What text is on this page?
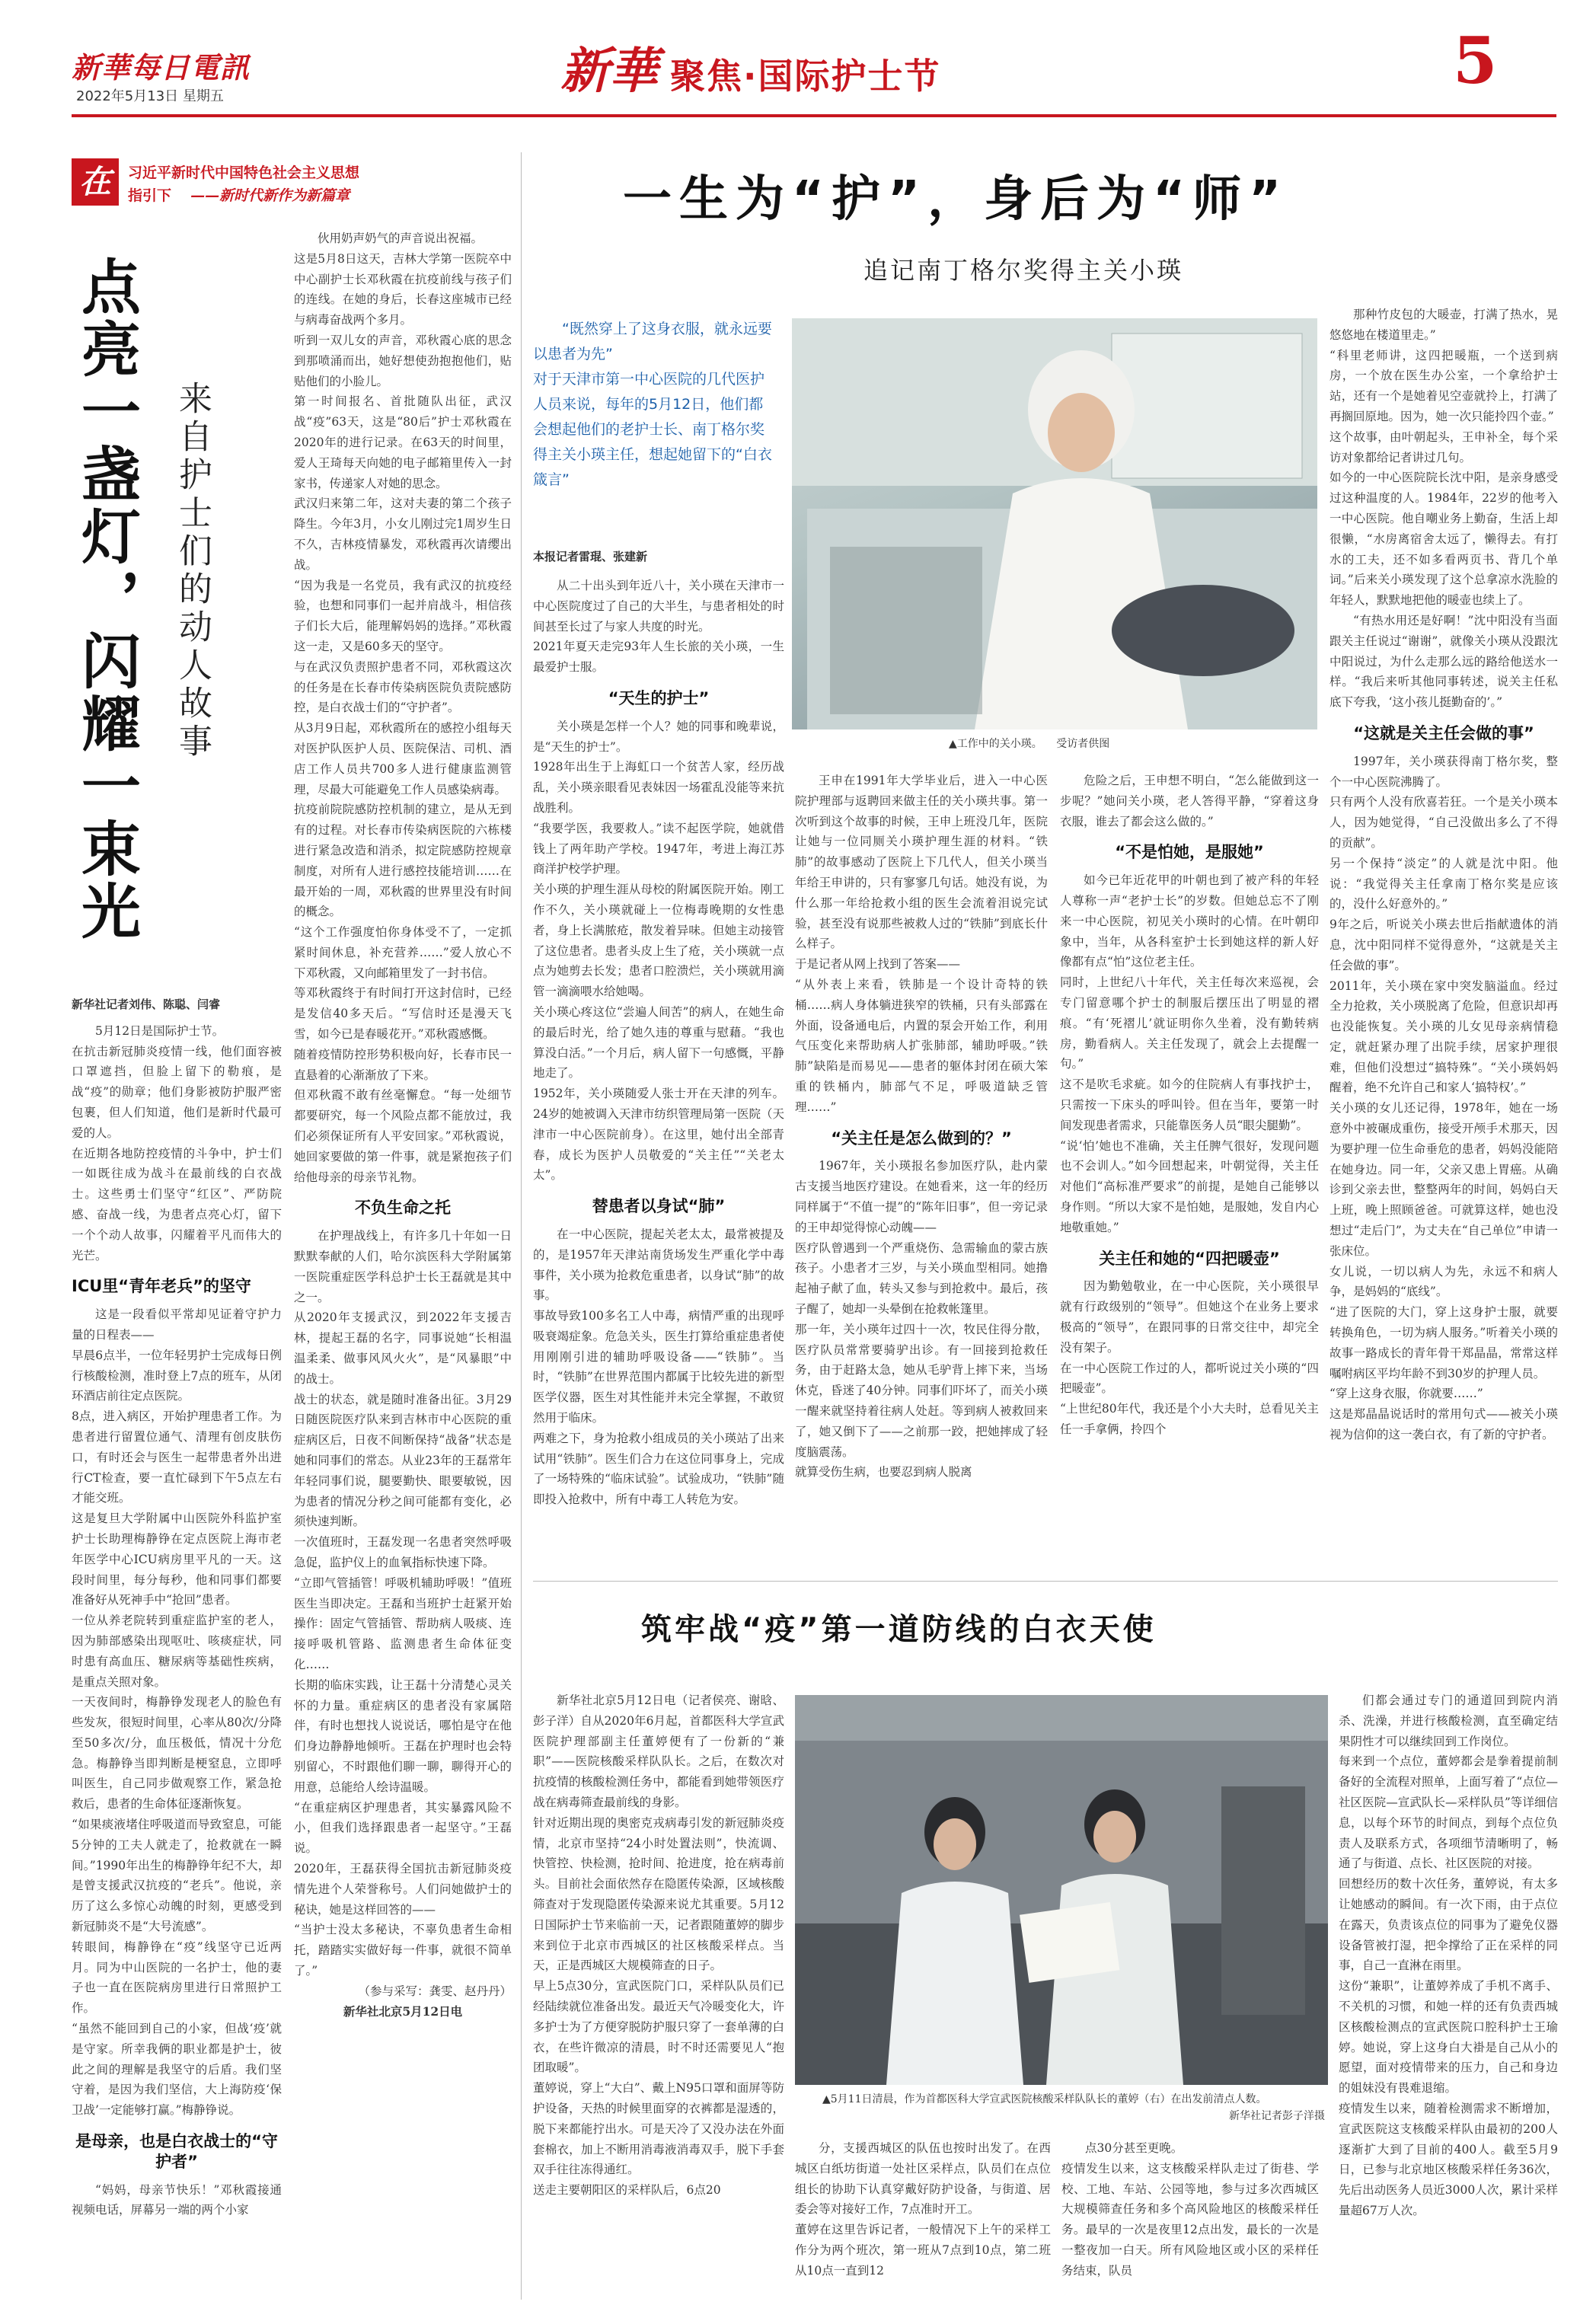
新華每日電訊
2022年5月13日 星期五	新華 聚焦·国际护士节	5
在	习近平新时代中国特色社会主义思想
指引下 ——新时代新作为新篇章
点亮一盏灯，闪耀一束光 来自护士们的动人故事
新华社记者刘伟、陈聪、闫睿
5月12日是国际护士节。
在抗击新冠肺炎疫情一线，他们面容被口罩遮挡，但脸上留下的勒痕，是战“疫”的勋章；他们身影被防护服严密包裹，但人们知道，他们是新时代最可爱的人。
在近期各地防控疫情的斗争中，护士们一如既往成为战斗在最前线的白衣战士。这些勇士们坚守“红区”、严防院感、奋战一线，为患者点亮心灯，留下一个个动人故事，闪耀着平凡而伟大的光芒。
ICU里“青年老兵”的坚守
这是一段看似平常却见证着守护力量的日程表——
早晨6点半，一位年轻男护士完成每日例行核酸检测，准时登上7点的班车，从闭环酒店前往定点医院。
8点，进入病区，开始护理患者工作。为患者进行留置位通气、清理有创皮肤伤口，有时还会与医生一起带患者外出进行CT检查，要一直忙碌到下午5点左右才能交班。
这是复旦大学附属中山医院外科监护室护士长助理梅静铮在定点医院上海市老年医学中心ICU病房里平凡的一天。这段时间里，每分每秒，他和同事们都要准备好从死神手中“抢回”患者。
一位从养老院转到重症监护室的老人，因为肺部感染出现呕吐、咳痰症状，同时患有高血压、糖尿病等基础性疾病，是重点关照对象。
一天夜间时，梅静铮发现老人的脸色有些发灰，很短时间里，心率从80次/分降至50多次/分，血压极低，情况十分危急。梅静铮当即判断是梗窒息，立即呼叫医生，自己同步做观察工作，紧急抢救后，患者的生命体征逐渐恢复。
“如果痰液堵住呼吸道而导致窒息，可能5分钟的工夫人就走了，抢救就在一瞬间。”1990年出生的梅静铮年纪不大，却是曾支援武汉抗疫的“老兵”。他说，亲历了这么多惊心动魄的时刻，更感受到新冠肺炎不是“大号流感”。
转眼间，梅静铮在“疫”线坚守已近两月。同为中山医院的一名护士，他的妻子也一直在医院病房里进行日常照护工作。
“虽然不能回到自己的小家，但战‘疫’就是守家。所幸我俩的职业都是护士，彼此之间的理解是我坚守的后盾。我们坚守着，是因为我们坚信，大上海防疫‘保卫战’一定能够打赢。”梅静铮说。
是母亲，也是白衣战士的“守护者”
“妈妈，母亲节快乐！”邓秋霞接通视频电话，屏幕另一端的两个小家
伙用奶声奶气的声音说出祝福。
这是5月8日这天，吉林大学第一医院卒中中心副护士长邓秋霞在抗疫前线与孩子们的连线。在她的身后，长春这座城市已经与病毒奋战两个多月。
听到一双儿女的声音，邓秋霞心底的思念到那喷涌而出，她好想使劲抱抱他们，贴贴他们的小脸儿。
第一时间报名、首批随队出征，武汉战“疫”63天，这是“80后”护士邓秋霞在2020年的进行记录。在63天的时间里，爱人王琦每天向她的电子邮箱里传入一封家书，传递家人对她的思念。
武汉归来第二年，这对夫妻的第二个孩子降生。今年3月，小女儿刚过完1周岁生日不久，吉林疫情暴发，邓秋霞再次请缨出战。
“因为我是一名党员，我有武汉的抗疫经验，也想和同事们一起并肩战斗，相信孩子们长大后，能理解妈妈的选择。”邓秋霞这一走，又是60多天的坚守。
与在武汉负责照护患者不同，邓秋霞这次的任务是在长春市传染病医院负责院感防控，是白衣战士们的“守护者”。
从3月9日起，邓秋霞所在的感控小组每天对医护队医护人员、医院保洁、司机、酒店工作人员共700多人进行健康监测管理，尽最大可能避免工作人员感染病毒。
抗疫前院院感防控机制的建立，是从无到有的过程。对长春市传染病医院的六栋楼进行紧急改造和消杀，拟定院感防控规章制度，对所有人进行感控技能培训……在最开始的一周，邓秋霞的世界里没有时间的概念。
“这个工作强度怕你身体受不了，一定抓紧时间休息，补充营养……”爱人放心不下邓秋霞，又向邮箱里发了一封书信。
等邓秋霞终于有时间打开这封信时，已经是发信40多天后。“写信时还是漫天飞雪，如今已是春暖花开。”邓秋霞感慨。
随着疫情防控形势积极向好，长春市民一直悬着的心渐渐放了下来。
但邓秋霞不敢有丝毫懈怠。“每一处细节都要研究，每一个风险点都不能放过，我们必须保证所有人平安回家。”邓秋霞说，她回家要做的第一件事，就是紧抱孩子们给他母亲的母亲节礼物。
不负生命之托
在护理战线上，有许多几十年如一日默默奉献的人们，哈尔滨医科大学附属第一医院重症医学科总护士长王磊就是其中之一。
从2020年支援武汉，到2022年支援吉林，提起王磊的名字，同事说她“长相温温柔柔、做事风风火火”，是“风暴眼”中的战士。
战士的状态，就是随时准备出征。3月29日随医院医疗队来到吉林市中心医院的重症病区后，日夜不间断保持“战备”状态是她和同事们的常态。从业23年的王磊常年年轻同事们说，腿要勤快、眼要敏锐，因为患者的情况分秒之间可能都有变化，必须快速判断。
一次值班时，王磊发现一名患者突然呼吸急促，监护仪上的血氧指标快速下降。
“立即气管插管！呼吸机辅助呼吸！”值班医生当即决定。王磊和当班护士赶紧开始操作：固定气管插管、帮助病人吸痰、连接呼吸机管路、监测患者生命体征变化……
长期的临床实践，让王磊十分清楚心灵关怀的力量。重症病区的患者没有家属陪伴，有时也想找人说说话，哪怕是守在他们身边静静地倾听。王磊在护理时也会特别留心，不时跟他们聊一聊，聊得开心的用意，总能给人绘诗温暖。
“在重症病区护理患者，其实暴露风险不小，但我们选择跟患者一起坚守。”王磊说。
2020年，王磊获得全国抗击新冠肺炎疫情先进个人荣誉称号。人们问她做护士的秘诀，她是这样回答的——
“当护士没太多秘诀，不辜负患者生命相托，踏踏实实做好每一件事，就很不简单了。”
（参与采写：龚雯、赵丹丹）
新华社北京5月12日电
一生为“护”，身后为“师”
追记南丁格尔奖得主关小瑛
“既然穿上了这身衣服，就永远要以患者为先”
对于天津市第一中心医院的几代医护人员来说，每年的5月12日，他们都会想起他们的老护士长、南丁格尔奖得主关小瑛主任，想起她留下的“白衣箴言”
本报记者雷琨、张建新
▲工作中的关小瑛。 受访者供图
从二十出头到年近八十，关小瑛在天津市一中心医院度过了自己的大半生，与患者相处的时间甚至长过了与家人共度的时光。
2021年夏天走完93年人生长旅的关小瑛，一生最爱护士服。
“天生的护士”
关小瑛是怎样一个人？她的同事和晚辈说，是“天生的护士”。
1928年出生于上海虹口一个贫苦人家，经历战乱，关小瑛亲眼看见表妹因一场霍乱没能等来抗战胜利。
“我要学医，我要救人。”读不起医学院，她就借钱上了两年助产学校。1947年，考进上海江苏商洋护校学护理。
关小瑛的护理生涯从母校的附属医院开始。刚工作不久，关小瑛就碰上一位梅毒晚期的女性患者，身上长满脓疮，散发着异味。但她主动接管了这位患者。患者头皮上生了疮，关小瑛就一点点为她剪去长发；患者口腔溃烂，关小瑛就用滴管一滴滴喂水给她喝。
关小瑛心疼这位“尝遍人间苦”的病人，在她生命的最后时光，给了她久违的尊重与慰藉。“我也算没白活。”一个月后，病人留下一句感慨，平静地走了。
1952年，关小瑛随爱人张士开在天津的列车。24岁的她被调入天津市纺织管理局第一医院（天津市一中心医院前身）。在这里，她付出全部青春，成长为医护人员敬爱的“关主任”“关老太太”。
替患者以身试“肺”
在一中心医院，提起关老太太，最常被提及的，是1957年天津站南货场发生严重化学中毒事件，关小瑛为抢救危重患者，以身试“肺”的故事。
事故导致100多名工人中毒，病情严重的出现呼吸衰竭症象。危急关头，医生打算给重症患者使用刚刚引进的辅助呼吸设备——“铁肺”。当时，“铁肺”在世界范围内都属于比较先进的新型医学仪器，医生对其性能并未完全掌握，不敢贸然用于临床。
两难之下，身为抢救小组成员的关小瑛站了出来试用“铁肺”。医生们合力在这位同事身上，完成了一场特殊的“临床试验”。试验成功，“铁肺”随即投入抢救中，所有中毒工人转危为安。
王申在1991年大学毕业后，进入一中心医院护理部与返聘回来做主任的关小瑛共事。第一次听到这个故事的时候，王申上班没几年，医院让她与一位同厕关小瑛护理生涯的材料。“铁肺”的故事感动了医院上下几代人，但关小瑛当年给王申讲的，只有寥寥几句话。她没有说，为什么那一年给抢救小组的医生会流着泪说完试验，甚至没有说那些被救人过的“铁肺”到底长什么样子。
于是记者从网上找到了答案——
“从外表上来看，铁肺是一个设计奇特的铁桶……病人身体躺进狭窄的铁桶，只有头部露在外面，设备通电后，内置的泵会开始工作，利用气压变化来帮助病人扩张肺部，辅助呼吸。”铁肺”缺陷是而易见——患者的躯体封闭在硕大笨重的铁桶内，肺部气不足，呼吸道缺乏管理……”
“关主任是怎么做到的？”
1967年，关小瑛报名参加医疗队，赴内蒙古支援当地医疗建设。在她看来，这一年的经历同样属于“不值一提”的“陈年旧事”，但一旁记录的王申却觉得惊心动魄——
医疗队曾遇到一个严重烧伤、急需输血的蒙古族孩子。小患者才三岁，与关小瑛血型相同。她撸起袖子献了血，转头又参与到抢救中。最后，孩子醒了，她却一头晕倒在抢救帐篷里。
那一年，关小瑛年过四十一次，牧民住得分散，医疗队员常常要骑驴出诊。有一回接到抢救任务，由于赶路太急，她从毛驴背上摔下来，当场休克，昏迷了40分钟。同事们吓坏了，而关小瑛一醒来就坚持着往病人处赶。等到病人被救回来了，她又倒下了——之前那一跤，把她摔成了轻度脑震荡。
就算受伤生病，也要忍到病人脱离
危险之后，王申想不明白，“怎么能做到这一步呢？”她问关小瑛，老人答得平静，“穿着这身衣服，谁去了都会这么做的。”
“不是怕她，是服她”
如今已年近花甲的叶朝也到了被产科的年轻人尊称一声“老护士长”的岁数。但她总忘不了刚来一中心医院，初见关小瑛时的心情。在叶朝印象中，当年，从各科室护士长到她这样的新人好像都有点“怕”这位老主任。
同时，上世纪八十年代，关主任每次来巡视，会专门留意哪个护士的制服后摆压出了明显的褶痕。“有‘死褶儿’就证明你久坐着，没有勤转病房，勤看病人。关主任发现了，就会上去提醒一句。”
这不是吹毛求疵。如今的住院病人有事找护士，只需按一下床头的呼叫铃。但在当年，要第一时间发现患者需求，只能靠医务人员“眼尖腿勤”。
“说‘怕’她也不准确，关主任脾气很好，发现问题也不会训人。”如今回想起来，叶朝觉得，关主任对他们“高标准严要求”的前提，是她自己能够以身作则。“所以大家不是怕她，是服她，发自内心地敬重她。”
关主任和她的“四把暖壶”
因为勤勉敬业，在一中心医院，关小瑛很早就有行政级别的“领导”。但她这个在业务上要求极高的“领导”，在跟同事的日常交往中，却完全没有架子。
在一中心医院工作过的人，都听说过关小瑛的“四把暖壶”。
“上世纪80年代，我还是个小大夫时，总看见关主任一手拿俩，拎四个
那种竹皮包的大暖壶，打满了热水，晃悠悠地在楼道里走。”
“科里老师讲，这四把暖瓶，一个送到病房，一个放在医生办公室，一个拿给护士站，还有一个是她着见空壶就拎上，打满了再搁回原地。因为，她一次只能拎四个壶。”
这个故事，由叶朝起头，王申补全，每个采访对象都给记者讲过几句。
如今的一中心医院院长沈中阳，是亲身感受过这种温度的人。1984年，22岁的他考入一中心医院。他自嘲业务上勤奋，生活上却很懒，“水房离宿舍太远了，懒得去。有打水的工夫，还不如多看两页书、背几个单词。”后来关小瑛发现了这个总拿凉水洗脸的年轻人，默默地把他的暖壶也续上了。
“有热水用还是好啊！”沈中阳没有当面跟关主任说过“谢谢”，就像关小瑛从没跟沈中阳说过，为什么走那么远的路给他送水一样。“我后来听其他同事转述，说关主任私底下夸我，‘这小孩儿挺勤奋的’。”
“这就是关主任会做的事”
1997年，关小瑛获得南丁格尔奖，整个一中心医院沸腾了。
只有两个人没有欣喜若狂。一个是关小瑛本人，因为她觉得，“自己没做出多么了不得的贡献”。
另一个保持“淡定”的人就是沈中阳。他说：“我觉得关主任拿南丁格尔奖是应该的，没什么好意外的。”
9年之后，听说关小瑛去世后指献遗体的消息，沈中阳同样不觉得意外，“这就是关主任会做的事”。
2011年，关小瑛在家中突发脑溢血。经过全力抢救，关小瑛脱离了危险，但意识却再也没能恢复。关小瑛的儿女见母亲病情稳定，就赶紧办理了出院手续，居家护理很难，但他们没想过“搞特殊”。“关小瑛妈妈醒着，绝不允许自己和家人‘搞特权’。”
关小瑛的女儿还记得，1978年，她在一场意外中被碾成重伤，接受开颅手术那天，因为要护理一位生命垂危的患者，妈妈没能陪在她身边。同一年，父亲又患上胃癌。从确诊到父亲去世，整整两年的时间，妈妈白天上班，晚上照顾爸爸。可就算这样，她也没想过“走后门”，为丈夫在“自己单位”申请一张床位。
女儿说，一切以病人为先，永远不和病人争，是妈妈的“底线”。
“进了医院的大门，穿上这身护士服，就要转换角色，一切为病人服务。”听着关小瑛的故事一路成长的青年骨干郑晶晶，常常这样嘱咐病区平均年龄不到30岁的护理人员。
“穿上这身衣服，你就要……”
这是郑晶晶说话时的常用句式——被关小瑛视为信仰的这一袭白衣，有了新的守护者。
筑牢战“疫”第一道防线的白衣天使
新华社北京5月12日电（记者侯亮、谢晗、彭子洋）自从2020年6月起，首都医科大学宣武医院护理部副主任董婷便有了一份新的“兼职”——医院核酸采样队队长。之后，在数次对抗疫情的核酸检测任务中，都能看到她带领医疗战在病毒筛查最前线的身影。
针对近期出现的奥密克戎病毒引发的新冠肺炎疫情，北京市坚持“24小时处置法则”，快流调、快管控、快检测，抢时间、抢进度，抢在病毒前头。目前社会面依然存在隐匿传染源，区域核酸筛查对于发现隐匿传染源来说尤其重要。5月12日国际护士节来临前一天，记者跟随董婷的脚步来到位于北京市西城区的社区核酸采样点。当天，正是西城区大规模筛查的日子。
早上5点30分，宣武医院门口，采样队队员们已经陆续就位准备出发。最近天气冷暖变化大，许多护士为了方便穿脱防护服只穿了一套单薄的白衣，在些许微凉的清晨，时不时还需要见人“抱团取暖”。
董婷说，穿上“大白”、戴上N95口罩和面屏等防护设备，天热的时候里面穿的衣裤都是湿透的，脱下来都能拧出水。可是天冷了又没办法在外面套棉衣，加上不断用消毒液消毒双手，脱下手套双手往往冻得通红。
送走主要朝阳区的采样队后，6点20
▲5月11日清晨，作为首都医科大学宣武医院核酸采样队队长的董婷（右）在出发前清点人数。
新华社记者彭子洋摄
分，支援西城区的队伍也按时出发了。在西城区白纸坊街道一处社区采样点，队员们在点位组长的协助下认真穿戴好防护设备，与街道、居委会等对接好工作，7点准时开工。
董婷在这里告诉记者，一般情况下上午的采样工作分为两个班次，第一班从7点到10点，第二班从10点一直到12
点30分甚至更晚。
疫情发生以来，这支核酸采样队走过了街巷、学校、工地、车站、公园等地，参与过多次西城区大规模筛查任务和多个高风险地区的核酸采样任务。最早的一次是夜里12点出发，最长的一次是一整夜加一白天。所有风险地区或小区的采样任务结束，队员
们都会通过专门的通道回到院内消杀、洗澡，并进行核酸检测，直至确定结果阴性才可以继续回到工作岗位。
每来到一个点位，董婷都会是拳着提前制备好的全流程对照单，上面写着了“点位—社区医院—宣武队长—采样队员”等详细信息，以每个环节的时间点，到每个点位负责人及联系方式，各项细节清晰明了，畅通了与街道、点长、社区医院的对接。
回想经历的数十次任务，董婷说，有太多让她感动的瞬间。有一次下雨，由于点位在露天，负责该点位的同事为了避免仪器设备管被打湿，把伞撑给了正在采样的同事，自己一直淋在雨里。
这份“兼职”，让董婷养成了手机不离手、不关机的习惯，和她一样的还有负责西城区核酸检测点的宣武医院口腔科护士王瑜婷。她说，穿上这身白大褂是自己从小的愿望，面对疫情带来的压力，自己和身边的姐妹没有畏难退缩。
疫情发生以来，随着检测需求不断增加，宣武医院这支核酸采样队由最初的200人逐渐扩大到了目前的400人。截至5月9日，已参与北京地区核酸采样任务36次，先后出动医务人员近3000人次，累计采样量超67万人次。
